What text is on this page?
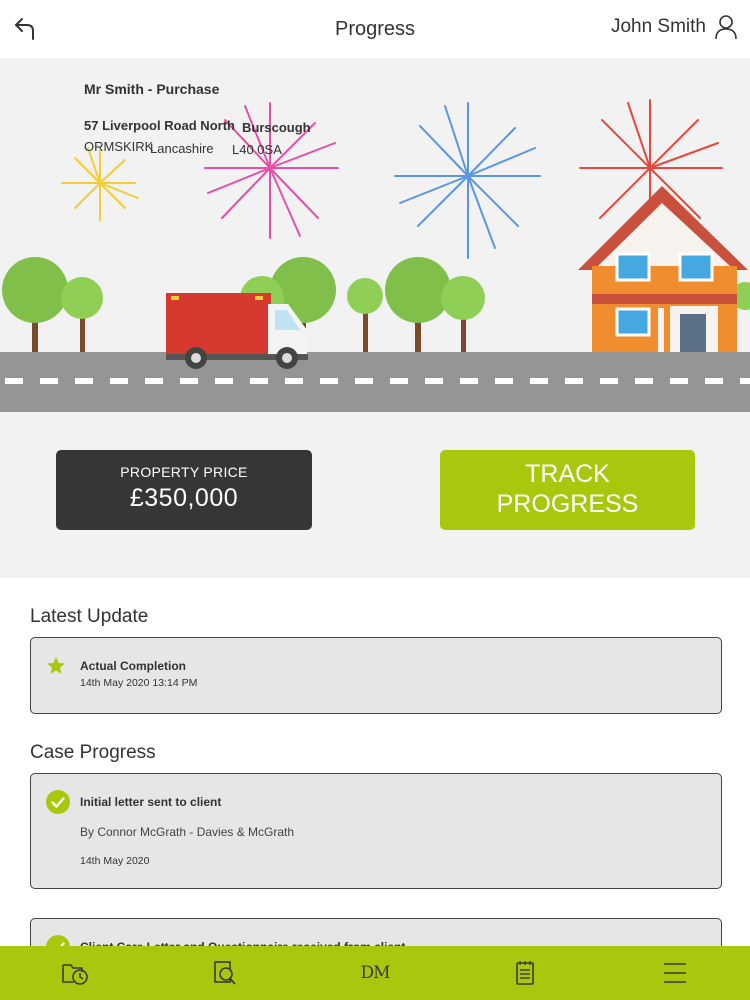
Progress	John Smith
Mr Smith - Purchase
57 Liverpool Road North Burscough
ORMSKIRK
Lancashire L40 0SA
PROPERTY PRICE
£350,000
TRACK
PROGRESS
Latest Update
Actual Completion
14th May 2020 13:14 PM
Case Progress
Initial letter sent to client
By Connor McGrath - Davies & McGrath
14th May 2020
DM
